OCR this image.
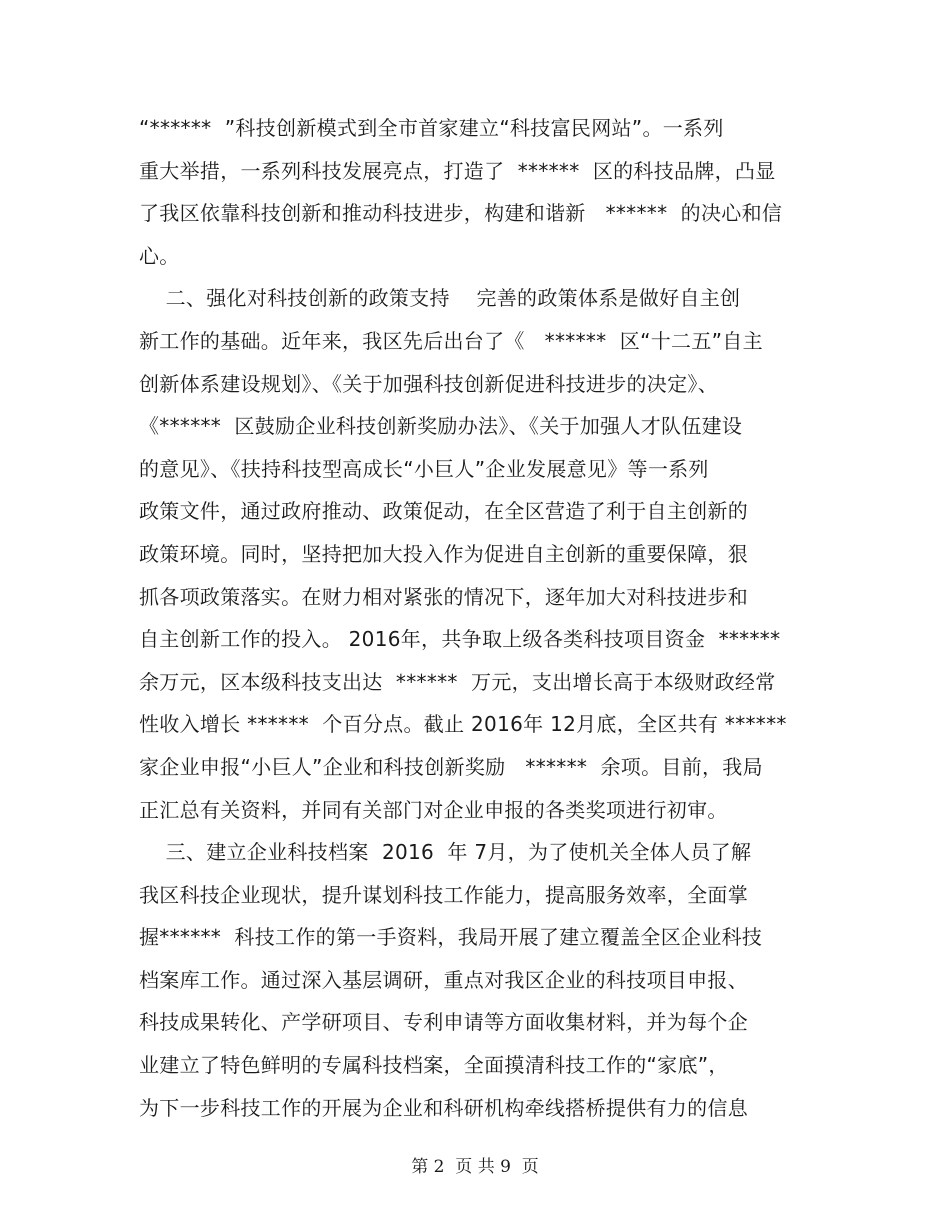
“******  ”科技创新模式到全市首家建立“科技富民网站”。一系列
重大举措，一系列科技发展亮点，打造了  ******  区的科技品牌，凸显
了我区依靠科技创新和推动科技进步，构建和谐新   ******  的决心和信
心。
二、强化对科技创新的政策支持    完善的政策体系是做好自主创
新工作的基础。近年来，我区先后出台了《   ******  区“十二五”自主
创新体系建设规划》、《关于加强科技创新促进科技进步的决定》、
《******  区鼓励企业科技创新奖励办法》、《关于加强人才队伍建设
的意见》、《扶持科技型高成长“小巨人”企业发展意见》等一系列
政策文件，通过政府推动、政策促动，在全区营造了利于自主创新的
政策环境。同时，坚持把加大投入作为促进自主创新的重要保障，狠
抓各项政策落实。在财力相对紧张的情况下，逐年加大对科技进步和
自主创新工作的投入。 2016年，共争取上级各类科技项目资金  ******
余万元，区本级科技支出达  ******  万元，支出增长高于本级财政经常
性收入增长 ******  个百分点。截止 2016年 12月底，全区共有 ******
家企业申报“小巨人”企业和科技创新奖励   ******  余项。目前，我局
正汇总有关资料，并同有关部门对企业申报的各类奖项进行初审。
三、建立企业科技档案  2016  年 7月，为了使机关全体人员了解
我区科技企业现状，提升谋划科技工作能力，提高服务效率，全面掌
握******  科技工作的第一手资料，我局开展了建立覆盖全区企业科技
档案库工作。通过深入基层调研，重点对我区企业的科技项目申报、
科技成果转化、产学研项目、专利申请等方面收集材料，并为每个企
业建立了特色鲜明的专属科技档案，全面摸清科技工作的“家底”，
为下一步科技工作的开展为企业和科研机构牵线搭桥提供有力的信息
第 2  页 共 9  页
